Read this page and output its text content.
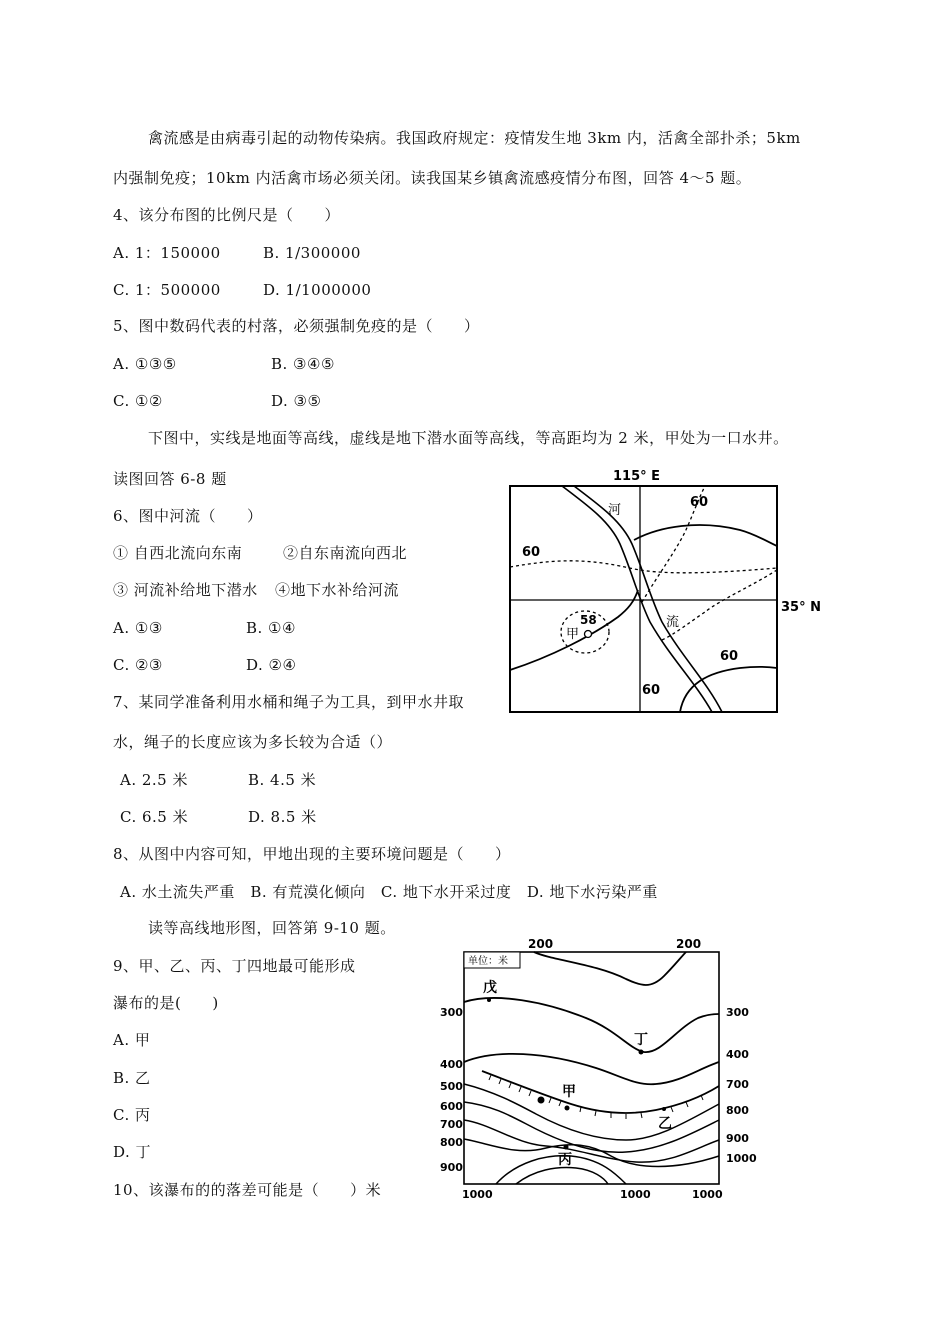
禽流感是由病毒引起的动物传染病。我国政府规定：疫情发生地 3km 内，活禽全部扑杀；5km
内强制免疫；10km 内活禽市场必须关闭。读我国某乡镇禽流感疫情分布图，回答 4～5 题。
4、该分布图的比例尺是（　　）
A. 1：150000	B. 1/300000
C. 1：500000	D. 1/1000000
5、图中数码代表的村落，必须强制免疫的是（　　）
A. ①③⑤	B. ③④⑤
C. ①②	D. ③⑤
下图中，实线是地面等高线，虚线是地下潜水面等高线，等高距均为 2 米，甲处为一口水井。
读图回答 6-8 题
6、图中河流（　　）
① 自西北流向东南	②自东南流向西北
③ 河流补给地下潜水 ④地下水补给河流
A. ①③	B. ①④
C. ②③	D. ②④
7、某同学准备利用水桶和绳子为工具，到甲水井取
水，绳子的长度应该为多长较为合适（）
A. 2.5 米	B. 4.5 米
C. 6.5 米	D. 8.5 米
8、从图中内容可知，甲地出现的主要环境问题是（　　）
A. 水土流失严重　B. 有荒漠化倾向　C. 地下水开采过度　D. 地下水污染严重
读等高线地形图，回答第 9-10 题。
9、甲、乙、丙、丁四地最可能形成
瀑布的是(　　)
A. 甲
B. 乙
C. 丙
D. 丁
10、该瀑布的的落差可能是（　　）米
115° E
35° N
河
流
60
60
60
60
甲
58
单位：米
200	200
戊
丁
甲
乙
丙
300
400
500
600
700
800
900
300
400
700
800
900
1000
1000	1000	1000
